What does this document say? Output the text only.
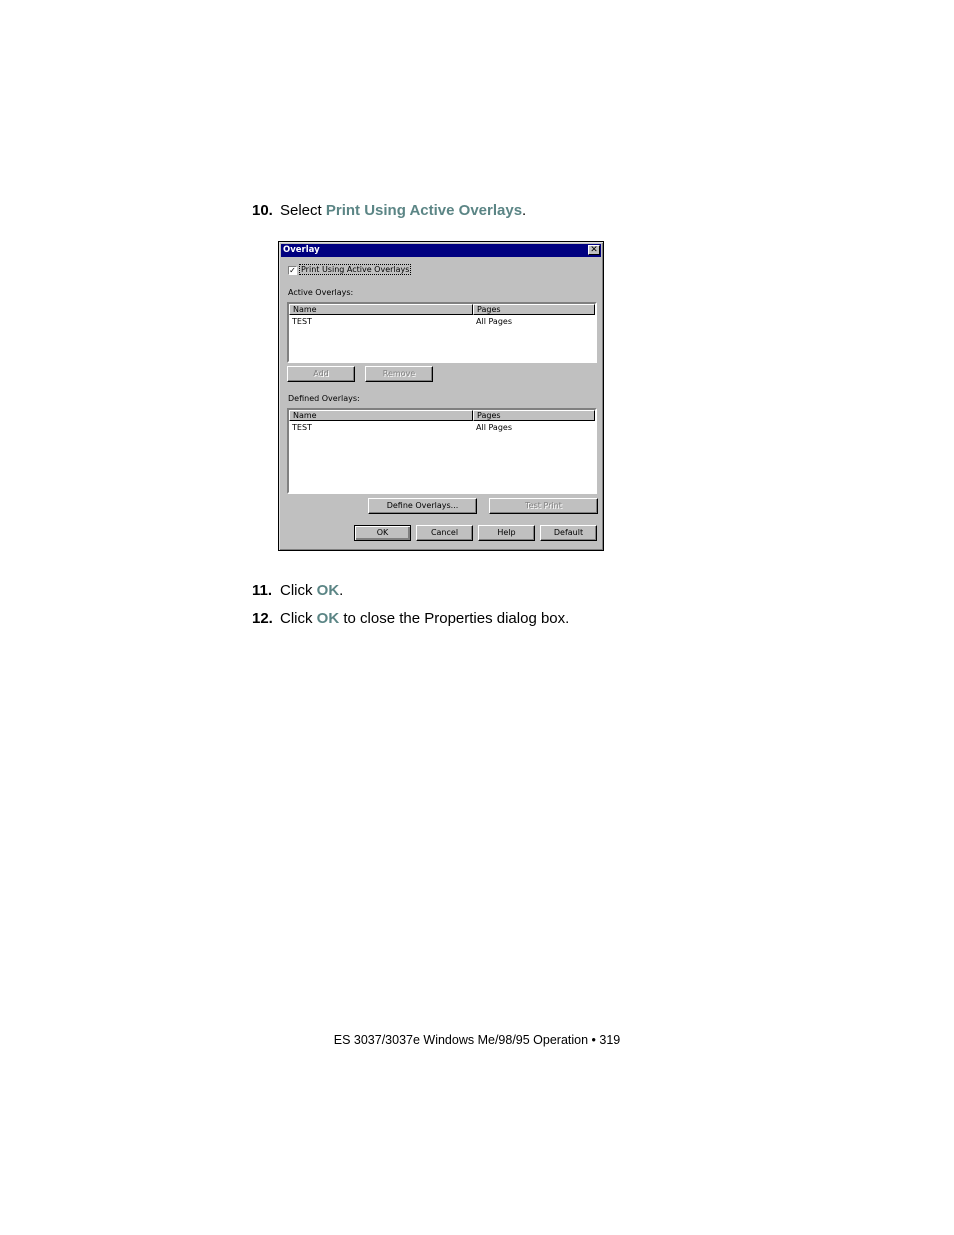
10. Select Print Using Active Overlays.
Overlay	✕
✓ Print Using Active Overlays
Active Overlays:
Name	Pages
TEST	All Pages
Add	Remove
Defined Overlays:
Name	Pages
TEST	All Pages
Define Overlays...	Test Print
OK	Cancel	Help	Default
11. Click OK.
12. Click OK to close the Properties dialog box.
ES 3037/3037e Windows Me/98/95 Operation • 319
